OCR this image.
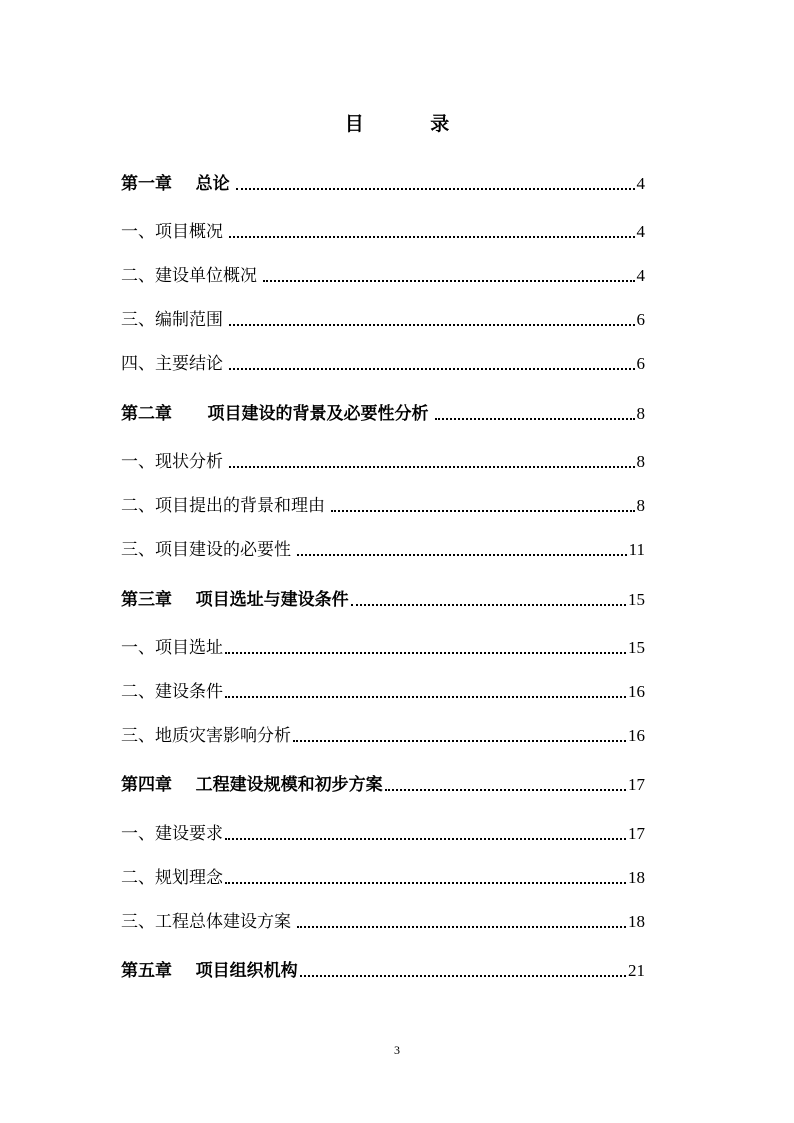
目 录
第一章    总论	4
一、项目概况	4
二、建设单位概况	4
三、编制范围	6
四、主要结论	6
第二章      项目建设的背景及必要性分析	8
一、现状分析	8
二、项目提出的背景和理由	8
三、项目建设的必要性	11
第三章    项目选址与建设条件	15
一、项目选址	15
二、建设条件	16
三、地质灾害影响分析	16
第四章    工程建设规模和初步方案	17
一、建设要求	17
二、规划理念	18
三、工程总体建设方案	18
第五章    项目组织机构	21
3
